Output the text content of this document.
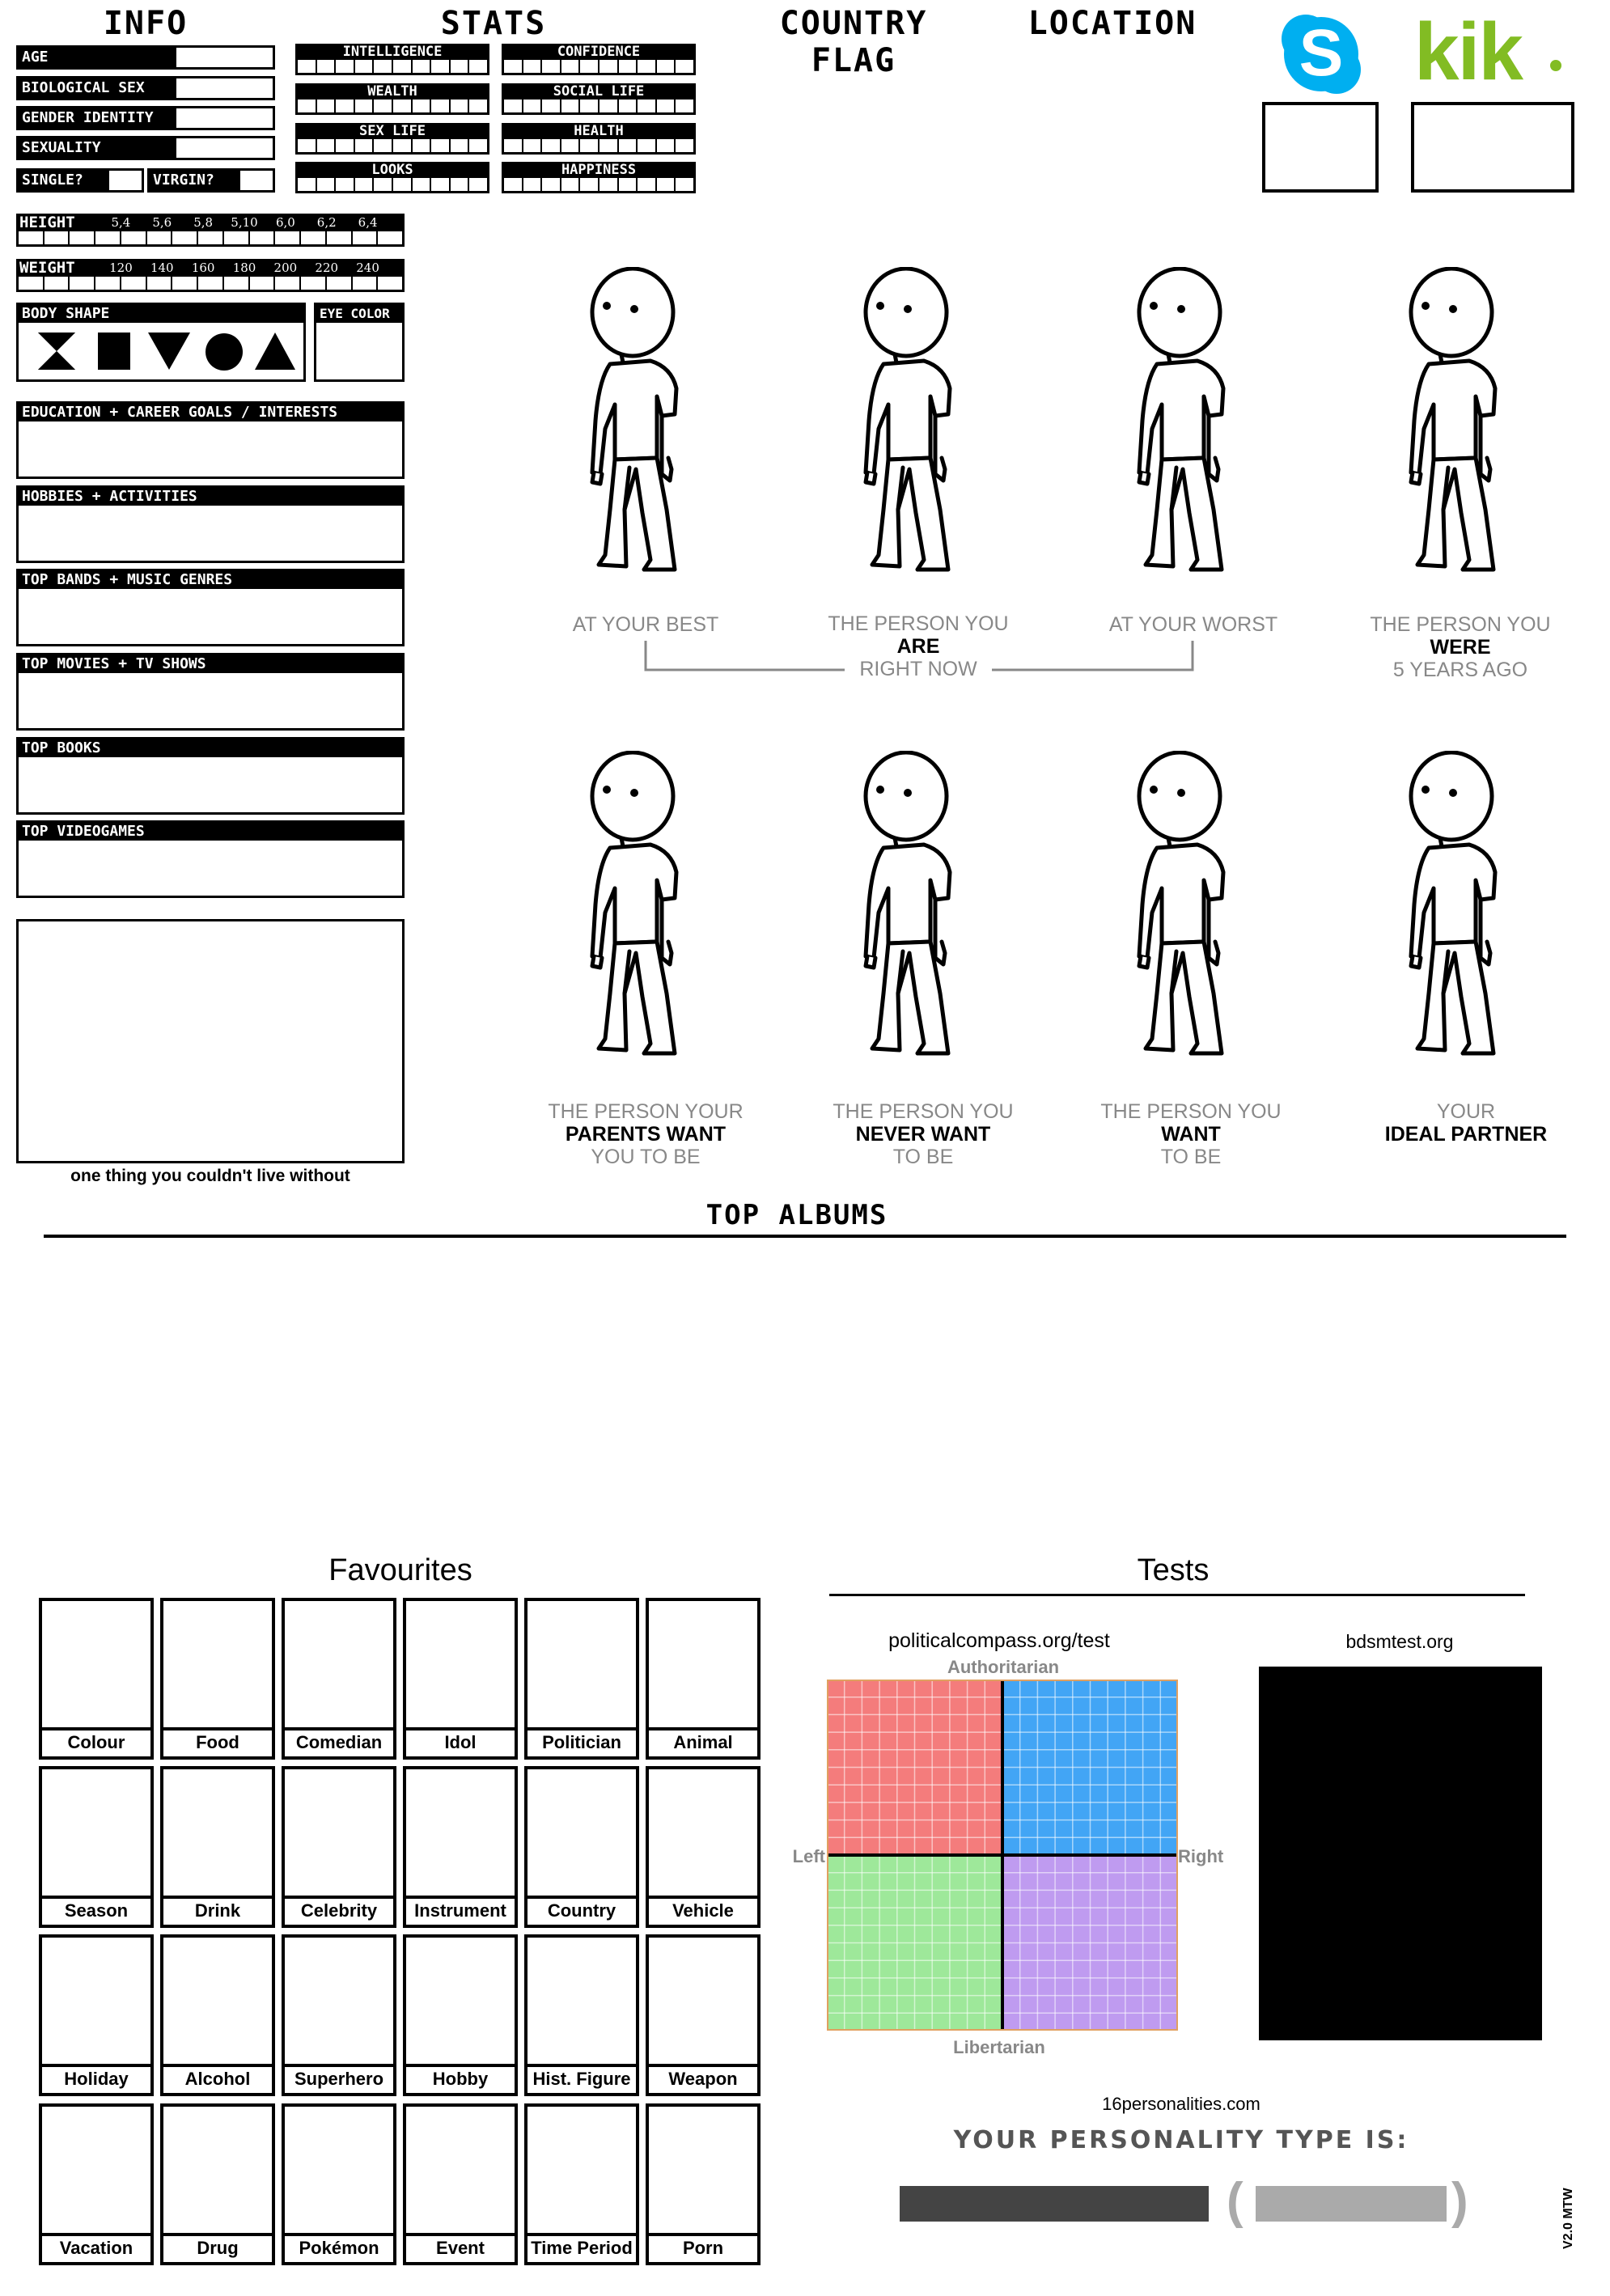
INFO	STATS	COUNTRY FLAG
LOCATION
AGE
BIOLOGICAL SEX
GENDER IDENTITY
SEXUALITY
SINGLE?	VIRGIN?
INTELLIGENCE	CONFIDENCE
WEALTH	SOCIAL LIFE
SEX LIFE	HEALTH
LOOKS	HAPPINESS
S kik
HEIGHT	5,4	5,6	5,8	5,10	6,0	6,2	6,4
WEIGHT	120	140	160	180	200	220	240
BODY SHAPE	EYE COLOR
EDUCATION + CAREER GOALS / INTERESTS
HOBBIES + ACTIVITIES
TOP BANDS + MUSIC GENRES
TOP MOVIES + TV SHOWS
TOP BOOKS
TOP VIDEOGAMES
one thing you couldn't live without
AT YOUR BEST	THE PERSON YOU
ARE
RIGHT NOW
AT YOUR WORST	THE PERSON YOU
WERE
5 YEARS AGO
THE PERSON YOUR
PARENTS WANT
YOU TO BE
THE PERSON YOU
NEVER WANT
TO BE
THE PERSON YOU
WANT
TO BE
YOUR
IDEAL PARTNER
TOP ALBUMS
Favourites
Colour	Food	Comedian	Idol	Politician	Animal
Season	Drink	Celebrity	Instrument	Country	Vehicle
Holiday	Alcohol	Superhero	Hobby	Hist. Figure	Weapon
Vacation	Drug	Pokémon	Event	Time Period	Porn
Tests
politicalcompass.org/test
Authoritarian
Left	Right
Libertarian
bdsmtest.org
16personalities.com
YOUR PERSONALITY TYPE IS:
(	)	V2.0 MTW
